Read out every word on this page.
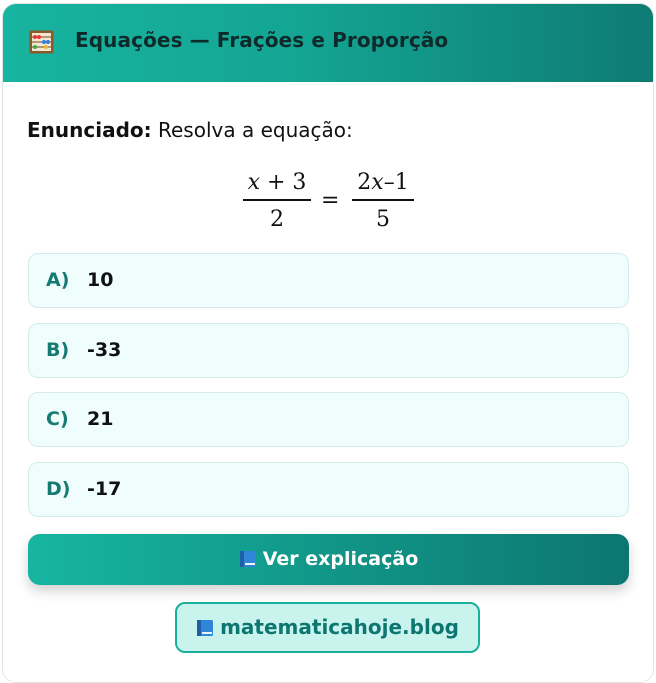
Equações — Frações e Proporção
Enunciado: Resolva a equação:
x + 3
2
=
2x–1
5
A) 10
B) -33
C) 21
D) -17
Ver explicação
matematicahoje.blog
